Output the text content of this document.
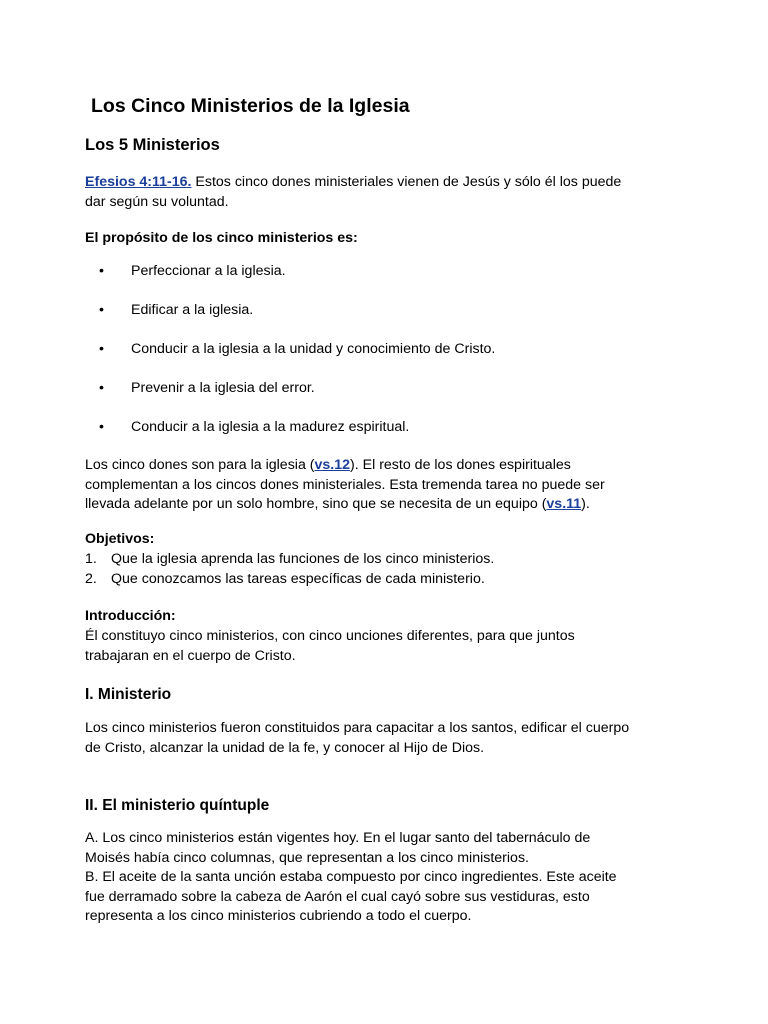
Los Cinco Ministerios de la Iglesia
Los 5 Ministerios

Efesios 4:11-16. Estos cinco dones ministeriales vienen de Jesús y sólo él los puede
dar según su voluntad.

El propósito de los cinco ministerios es:

•	Perfeccionar a la iglesia.
•	Edificar a la iglesia.
•	Conducir a la iglesia a la unidad y conocimiento de Cristo.
•	Prevenir a la iglesia del error.
•	Conducir a la iglesia a la madurez espiritual.

Los cinco dones son para la iglesia (vs.12). El resto de los dones espirituales
complementan a los cincos dones ministeriales. Esta tremenda tarea no puede ser
llevada adelante por un solo hombre, sino que se necesita de un equipo (vs.11).

Objetivos:

1. Que la iglesia aprenda las funciones de los cinco ministerios.
2. Que conozcamos las tareas específicas de cada ministerio.

Introducción:

Él constituyo cinco ministerios, con cinco unciones diferentes, para que juntos
trabajaran en el cuerpo de Cristo.

I. Ministerio

Los cinco ministerios fueron constituidos para capacitar a los santos, edificar el cuerpo
de Cristo, alcanzar la unidad de la fe, y conocer al Hijo de Dios.

II. El ministerio quíntuple

A. Los cinco ministerios están vigentes hoy. En el lugar santo del tabernáculo de
Moisés había cinco columnas, que representan a los cinco ministerios.
B. El aceite de la santa unción estaba compuesto por cinco ingredientes. Este aceite
fue derramado sobre la cabeza de Aarón el cual cayó sobre sus vestiduras, esto
representa a los cinco ministerios cubriendo a todo el cuerpo.
